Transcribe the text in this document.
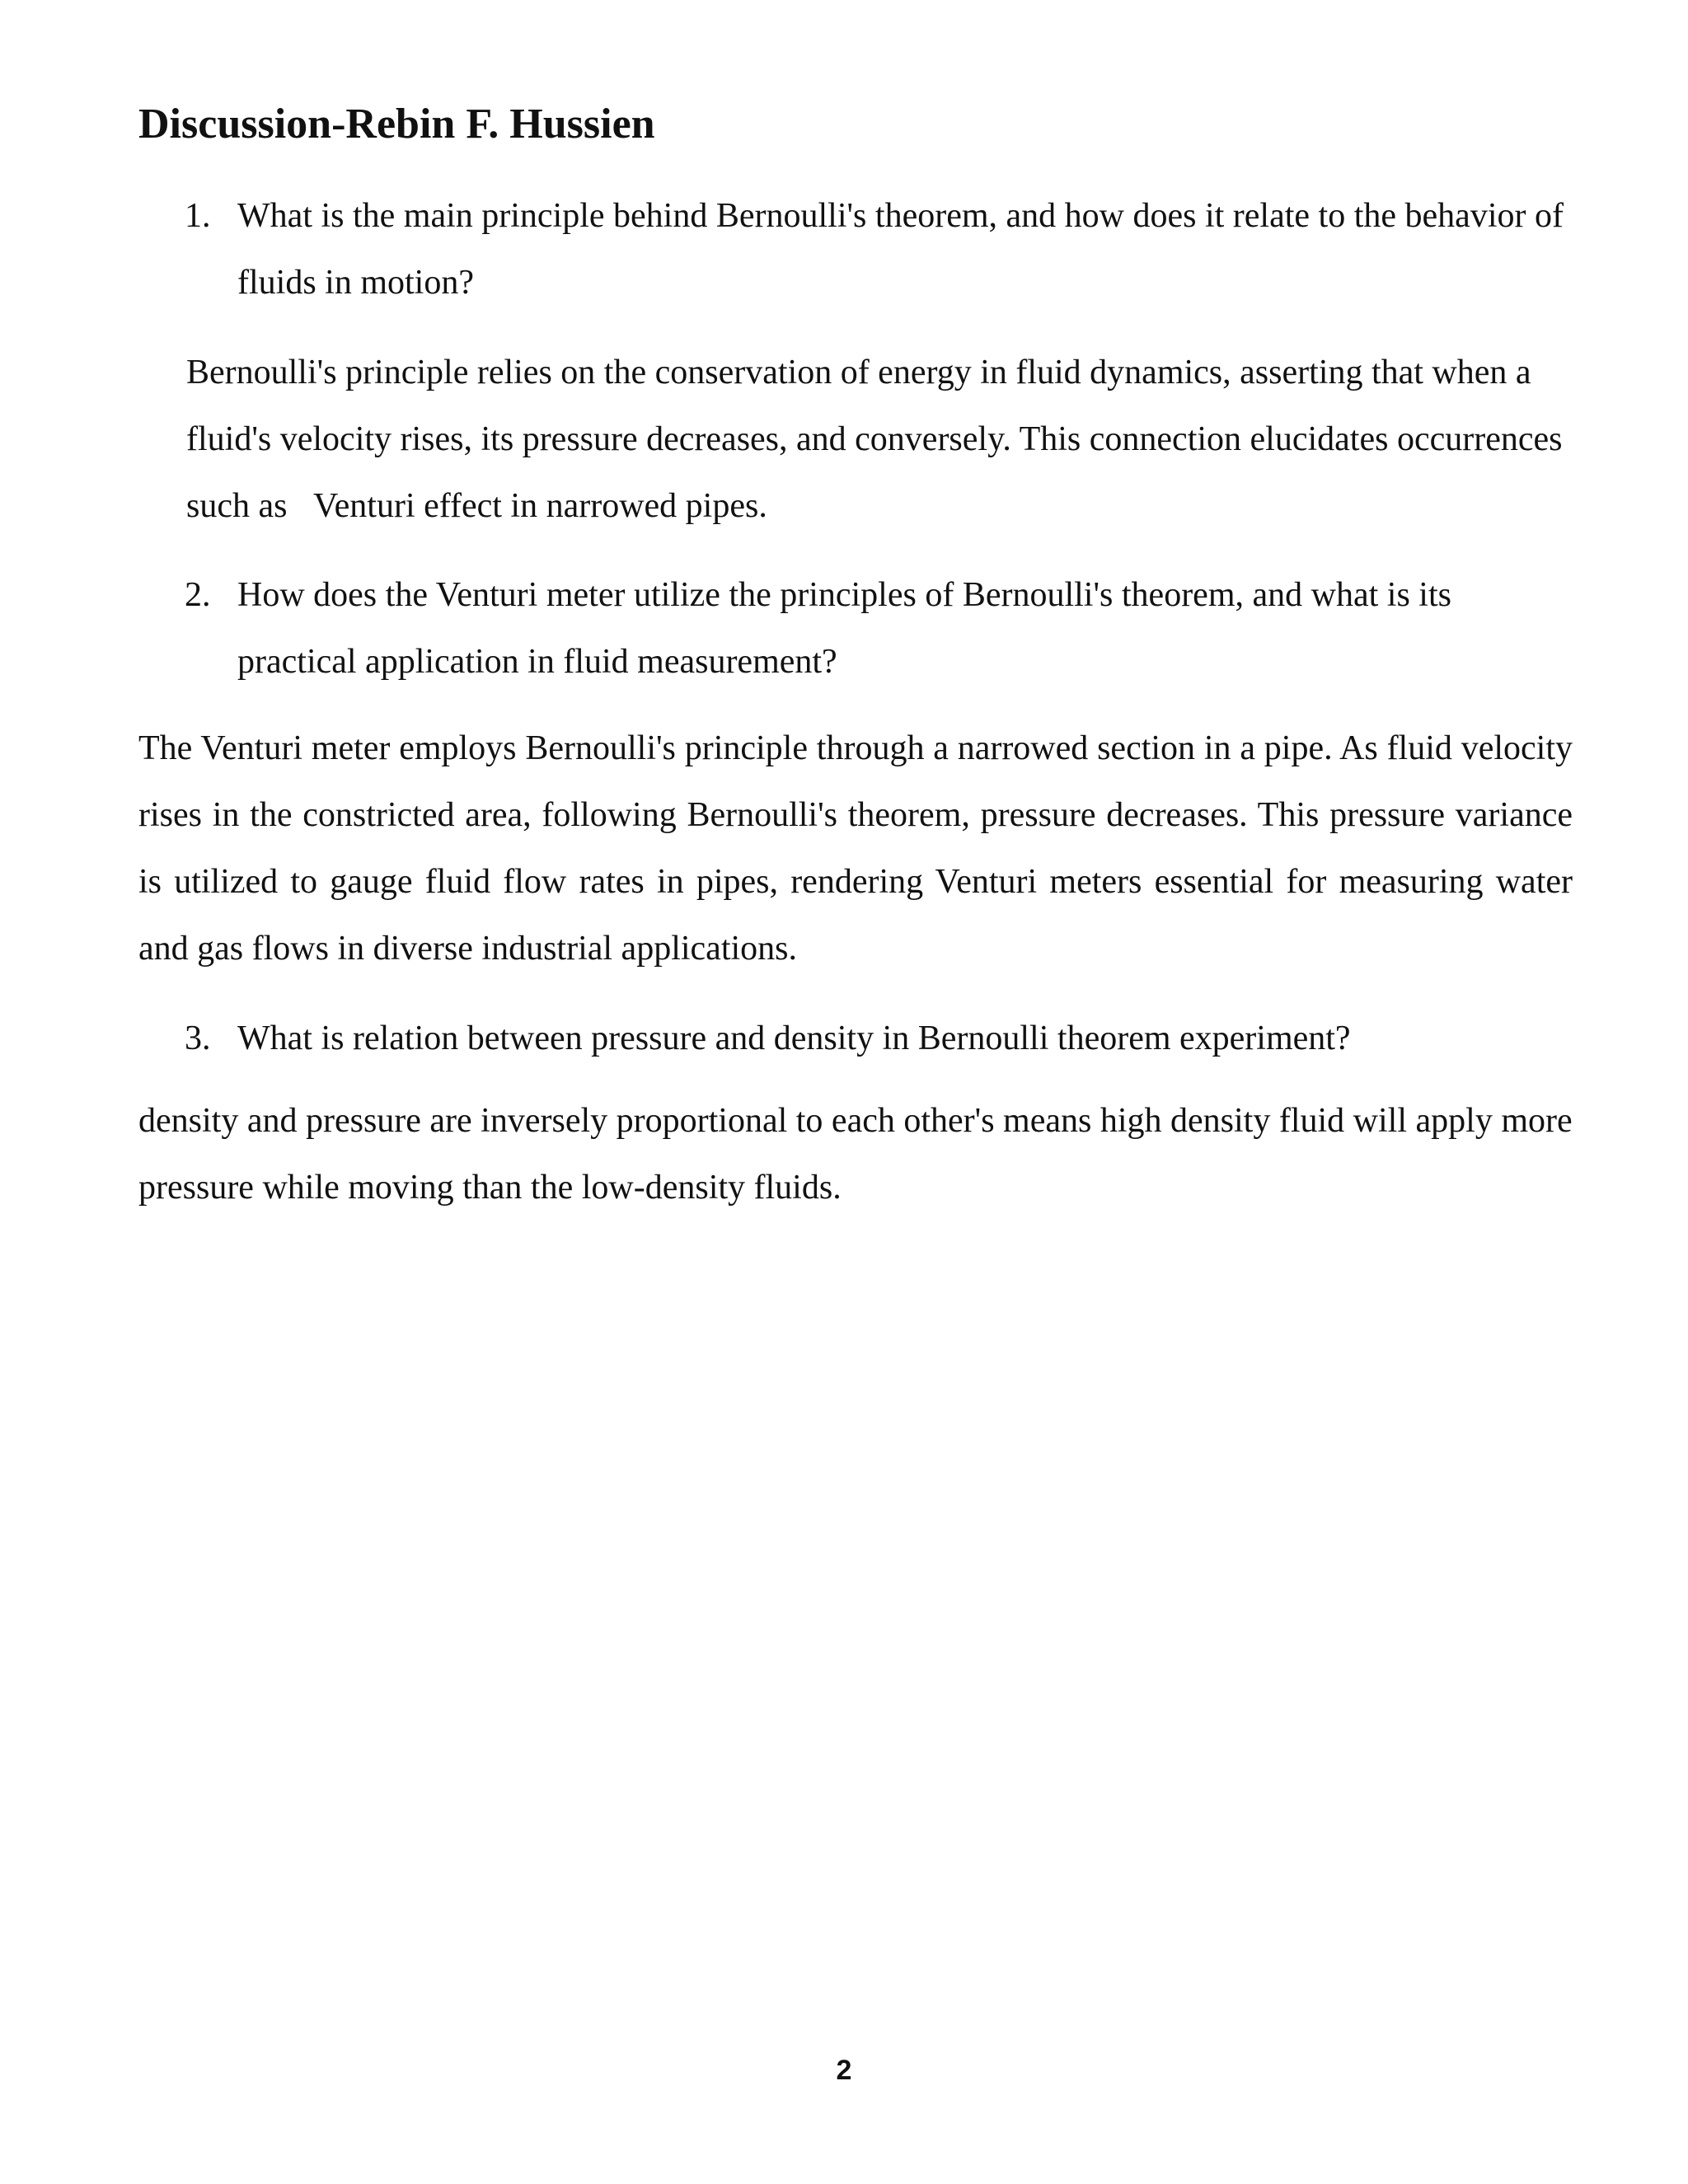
Discussion-Rebin F. Hussien
1. What is the main principle behind Bernoulli's theorem, and how does it relate to the behavior of fluids in motion?

Bernoulli's principle relies on the conservation of energy in fluid dynamics, asserting that when a fluid's velocity rises, its pressure decreases, and conversely. This connection elucidates occurrences such as   Venturi effect in narrowed pipes.

2. How does the Venturi meter utilize the principles of Bernoulli's theorem, and what is its practical application in fluid measurement?

The Venturi meter employs Bernoulli's principle through a narrowed section in a pipe. As fluid velocity rises in the constricted area, following Bernoulli's theorem, pressure decreases. This pressure variance is utilized to gauge fluid flow rates in pipes, rendering Venturi meters essential for measuring water and gas flows in diverse industrial applications.

3. What is relation between pressure and density in Bernoulli theorem experiment?

density and pressure are inversely proportional to each other's means high density fluid will apply more pressure while moving than the low-density fluids.

2
